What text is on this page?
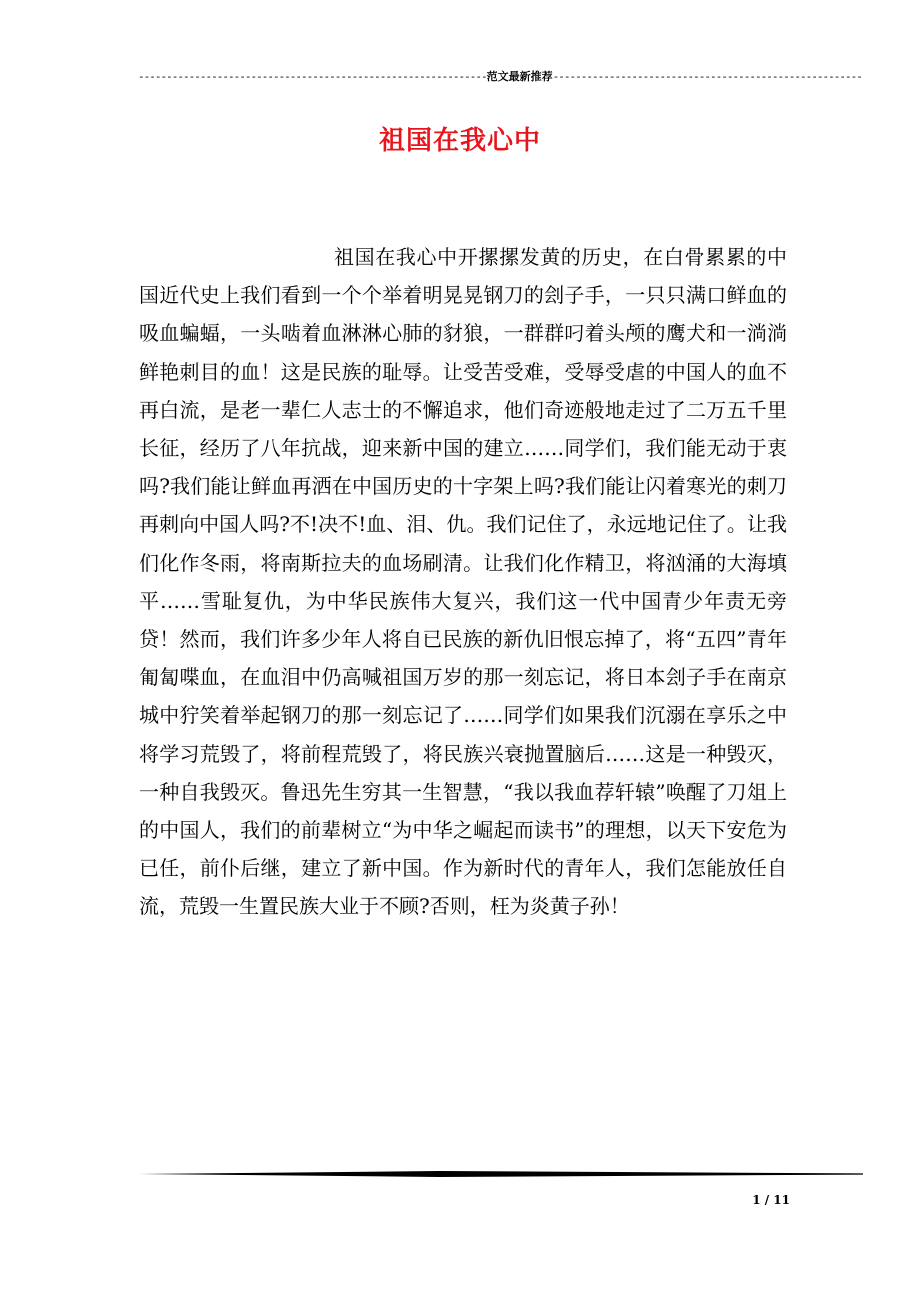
--------------------------------------------------------------范文最新推荐-------------------------------------------------------
祖国在我心中
祖国在我心中开摞摞发黄的历史，在白骨累累的中国近代史上我们看到一个个举着明晃晃钢刀的刽子手，一只只满口鲜血的吸血蝙蝠，一头啮着血淋淋心肺的豺狼，一群群叼着头颅的鹰犬和一淌淌鲜艳刺目的血！这是民族的耻辱。让受苦受难，受辱受虐的中国人的血不再白流，是老一辈仁人志士的不懈追求，他们奇迹般地走过了二万五千里长征，经历了八年抗战，迎来新中国的建立……同学们，我们能无动于衷吗?我们能让鲜血再洒在中国历史的十字架上吗?我们能让闪着寒光的刺刀再刺向中国人吗?不!决不!血、泪、仇。我们记住了，永远地记住了。让我们化作冬雨，将南斯拉夫的血场刷清。让我们化作精卫，将汹涌的大海填平……雪耻复仇，为中华民族伟大复兴，我们这一代中国青少年责无旁贷！然而，我们许多少年人将自已民族的新仇旧恨忘掉了，将“五四”青年匍匐喋血，在血泪中仍高喊祖国万岁的那一刻忘记，将日本刽子手在南京城中狞笑着举起钢刀的那一刻忘记了……同学们如果我们沉溺在享乐之中将学习荒毁了，将前程荒毁了，将民族兴衰抛置脑后……这是一种毁灭，一种自我毁灭。鲁迅先生穷其一生智慧，“我以我血荐轩辕”唤醒了刀俎上的中国人，我们的前辈树立“为中华之崛起而读书”的理想，以天下安危为已任，前仆后继，建立了新中国。作为新时代的青年人，我们怎能放任自流，荒毁一生置民族大业于不顾?否则，枉为炎黄子孙！
1 / 11
